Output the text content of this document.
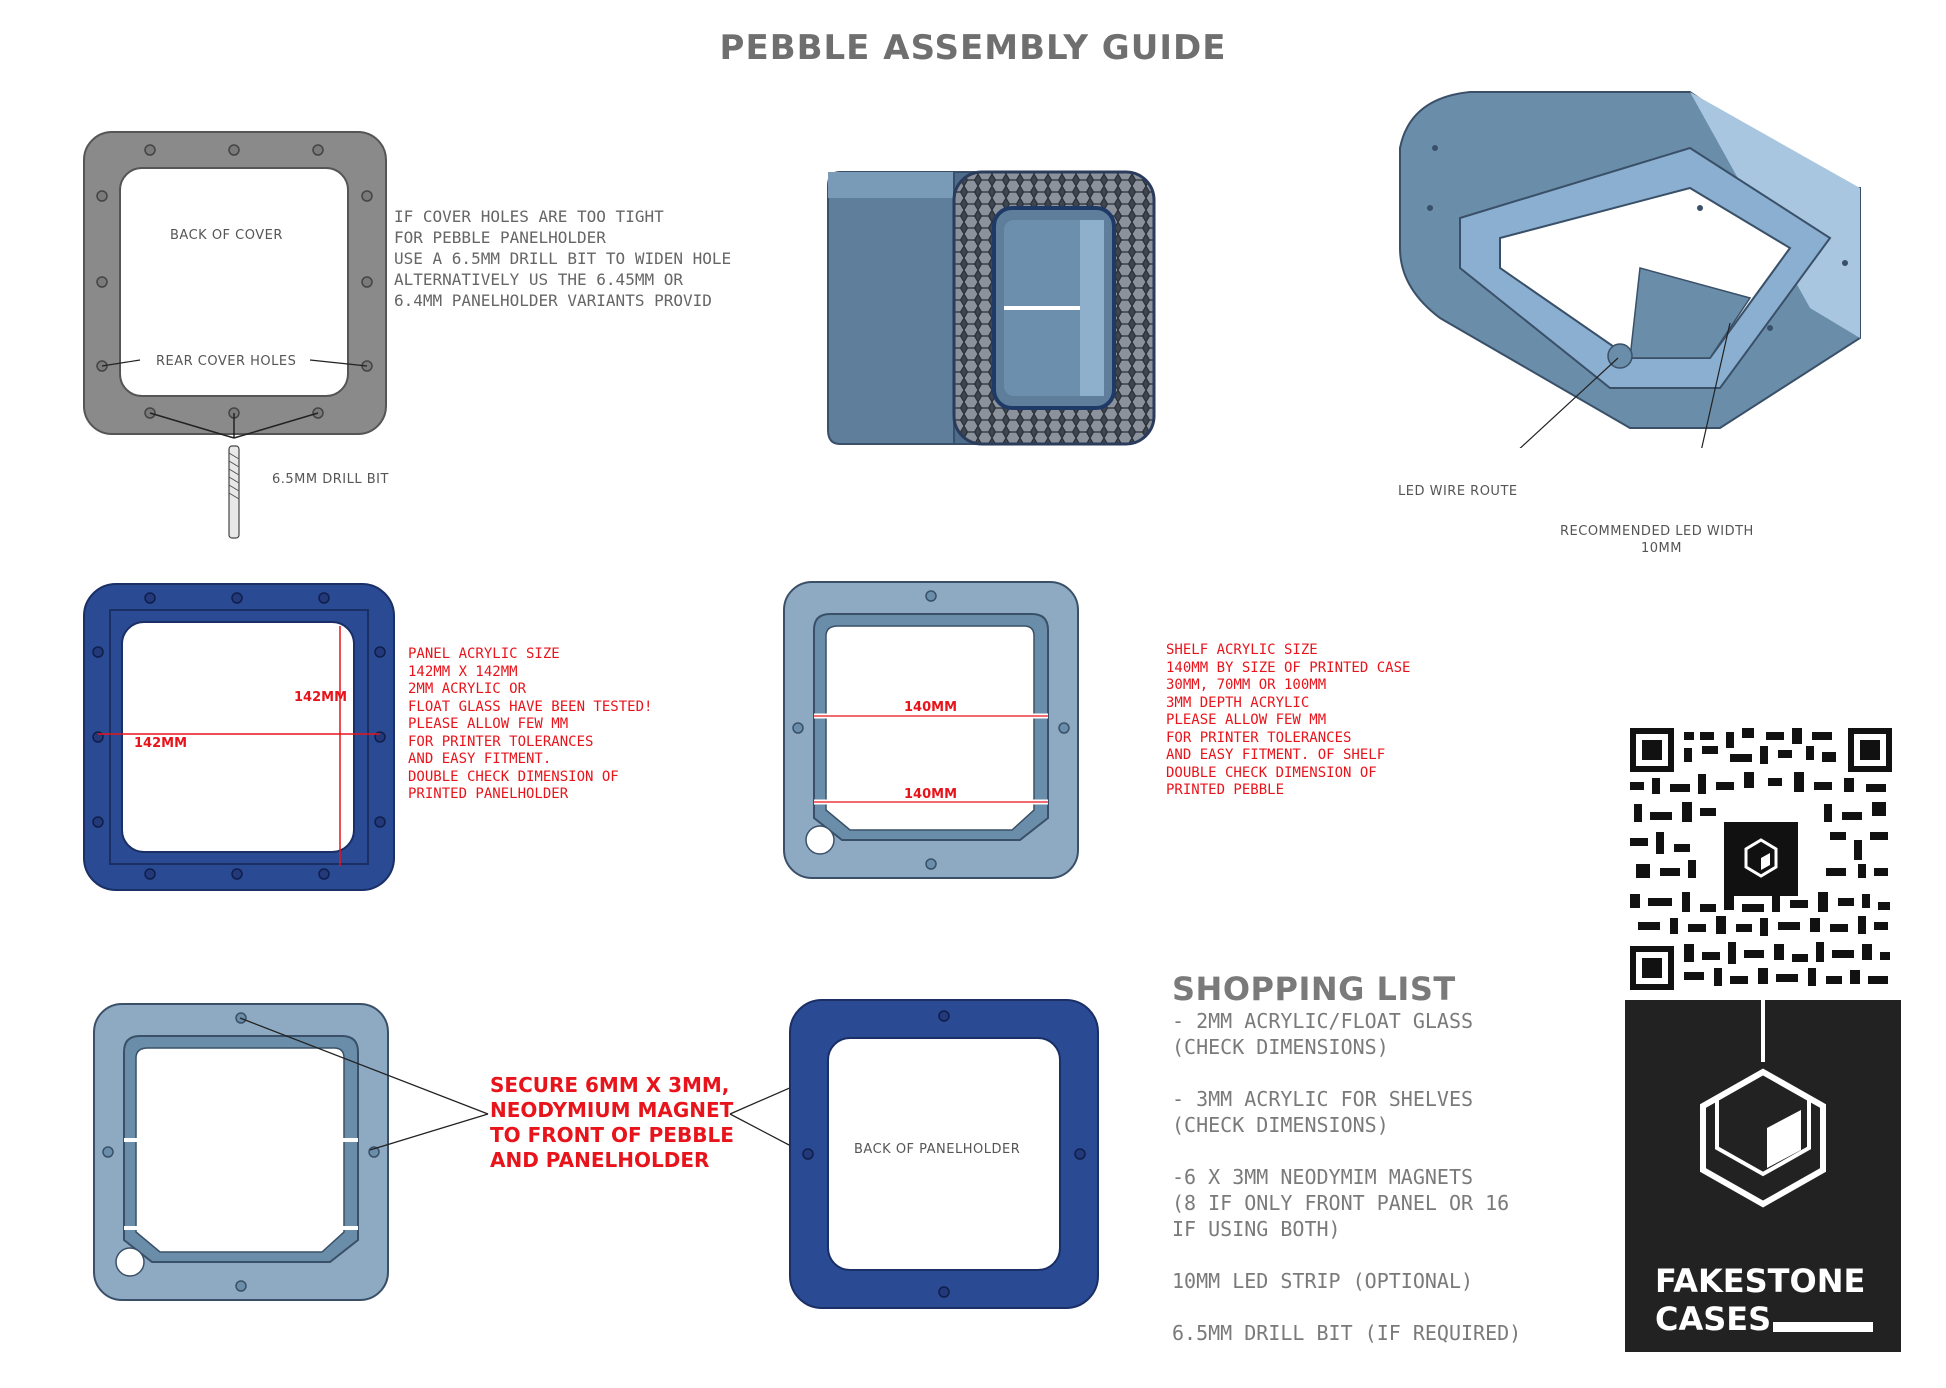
PEBBLE ASSEMBLY GUIDE
BACK OF COVER
REAR COVER HOLES
6.5MM DRILL BIT
IF COVER HOLES ARE TOO TIGHT
FOR PEBBLE PANELHOLDER
USE A 6.5MM DRILL BIT TO WIDEN HOLE
ALTERNATIVELY US THE 6.45MM OR
6.4MM PANELHOLDER VARIANTS PROVID
LED WIRE ROUTE
RECOMMENDED LED WIDTH
10MM
142MM
142MM
PANEL ACRYLIC SIZE
142MM X 142MM
2MM ACRYLIC OR
FLOAT GLASS HAVE BEEN TESTED!
PLEASE ALLOW FEW MM
FOR PRINTER TOLERANCES
AND EASY FITMENT.
DOUBLE CHECK DIMENSION OF
PRINTED PANELHOLDER
140MM
140MM
SHELF ACRYLIC SIZE
140MM BY SIZE OF PRINTED CASE
30MM, 70MM OR 100MM
3MM DEPTH ACRYLIC
PLEASE ALLOW FEW MM
FOR PRINTER TOLERANCES
AND EASY FITMENT. OF SHELF
DOUBLE CHECK DIMENSION OF
PRINTED PEBBLE
SECURE 6MM X 3MM,
NEODYMIUM MAGNET
TO FRONT OF PEBBLE
AND PANELHOLDER	BACK OF PANELHOLDER
SHOPPING LIST
- 2MM ACRYLIC/FLOAT GLASS
(CHECK DIMENSIONS)
- 3MM ACRYLIC FOR SHELVES
(CHECK DIMENSIONS)
-6 X 3MM NEODYMIM MAGNETS
(8 IF ONLY FRONT PANEL OR 16
IF USING BOTH)
10MM LED STRIP (OPTIONAL)
6.5MM DRILL BIT (IF REQUIRED)
FAKESTONE
CASES
